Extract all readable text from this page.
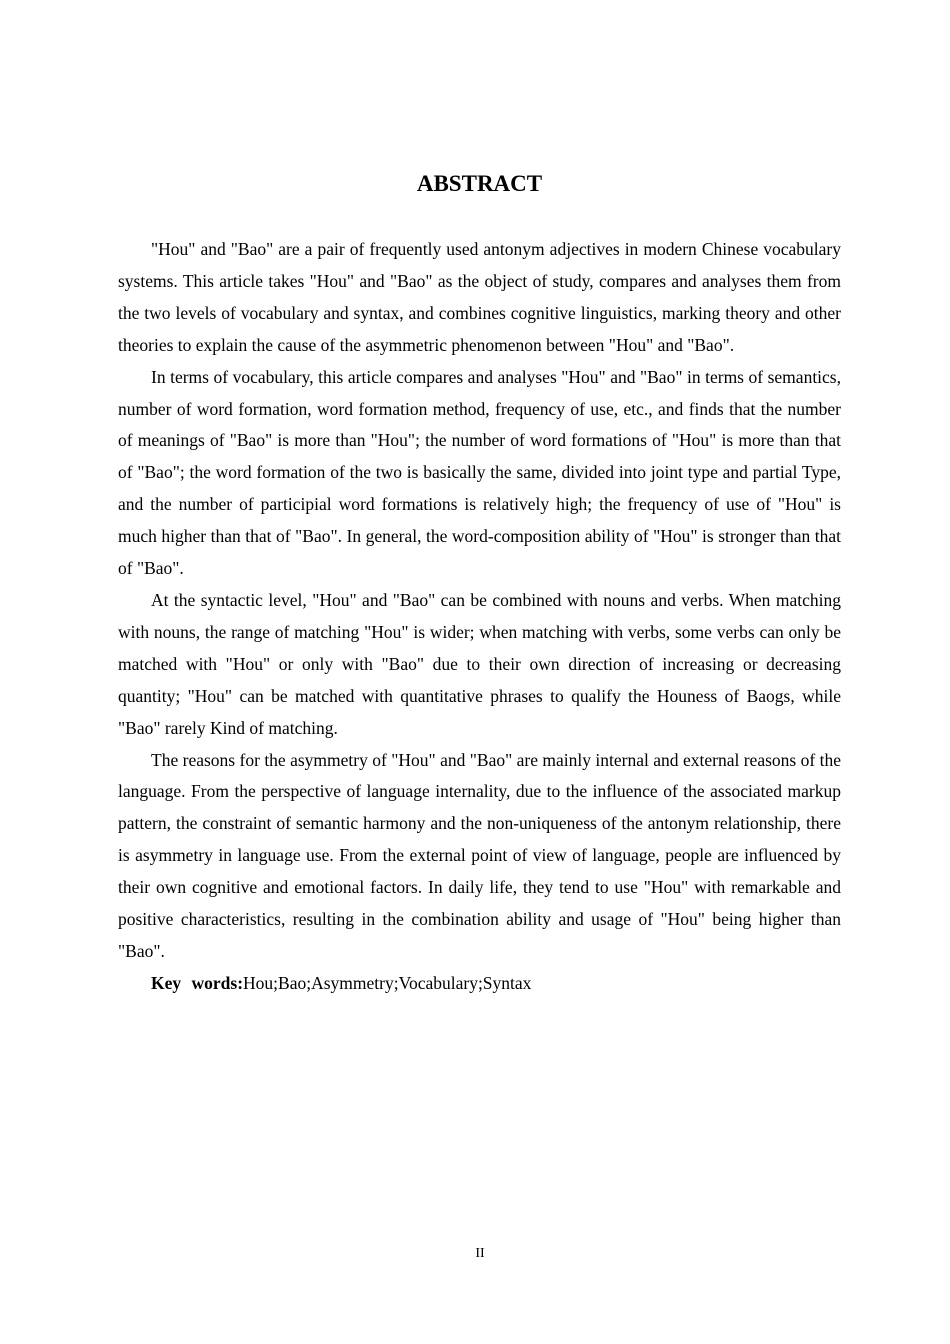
ABSTRACT

"Hou" and "Bao" are a pair of frequently used antonym adjectives in modern Chinese vocabulary systems. This article takes "Hou" and "Bao" as the object of study, compares and analyses them from the two levels of vocabulary and syntax, and combines cognitive linguistics, marking theory and other theories to explain the cause of the asymmetric phenomenon between "Hou" and "Bao".

In terms of vocabulary, this article compares and analyses "Hou" and "Bao" in terms of semantics, number of word formation, word formation method, frequency of use, etc., and finds that the number of meanings of "Bao" is more than "Hou"; the number of word formations of "Hou" is more than that of "Bao"; the word formation of the two is basically the same, divided into joint type and partial Type, and the number of participial word formations is relatively high; the frequency of use of "Hou" is much higher than that of "Bao". In general, the word-composition ability of "Hou" is stronger than that of "Bao".

At the syntactic level, "Hou" and "Bao" can be combined with nouns and verbs. When matching with nouns, the range of matching "Hou" is wider; when matching with verbs, some verbs can only be matched with "Hou" or only with "Bao" due to their own direction of increasing or decreasing quantity; "Hou" can be matched with quantitative phrases to qualify the Houness of Baogs, while "Bao" rarely Kind of matching.

The reasons for the asymmetry of "Hou" and "Bao" are mainly internal and external reasons of the language. From the perspective of language internality, due to the influence of the associated markup pattern, the constraint of semantic harmony and the non-uniqueness of the antonym relationship, there is asymmetry in language use. From the external point of view of language, people are influenced by their own cognitive and emotional factors. In daily life, they tend to use "Hou" with remarkable and positive characteristics, resulting in the combination ability and usage of "Hou" being higher than "Bao".

Key words:Hou;Bao;Asymmetry;Vocabulary;Syntax

II
